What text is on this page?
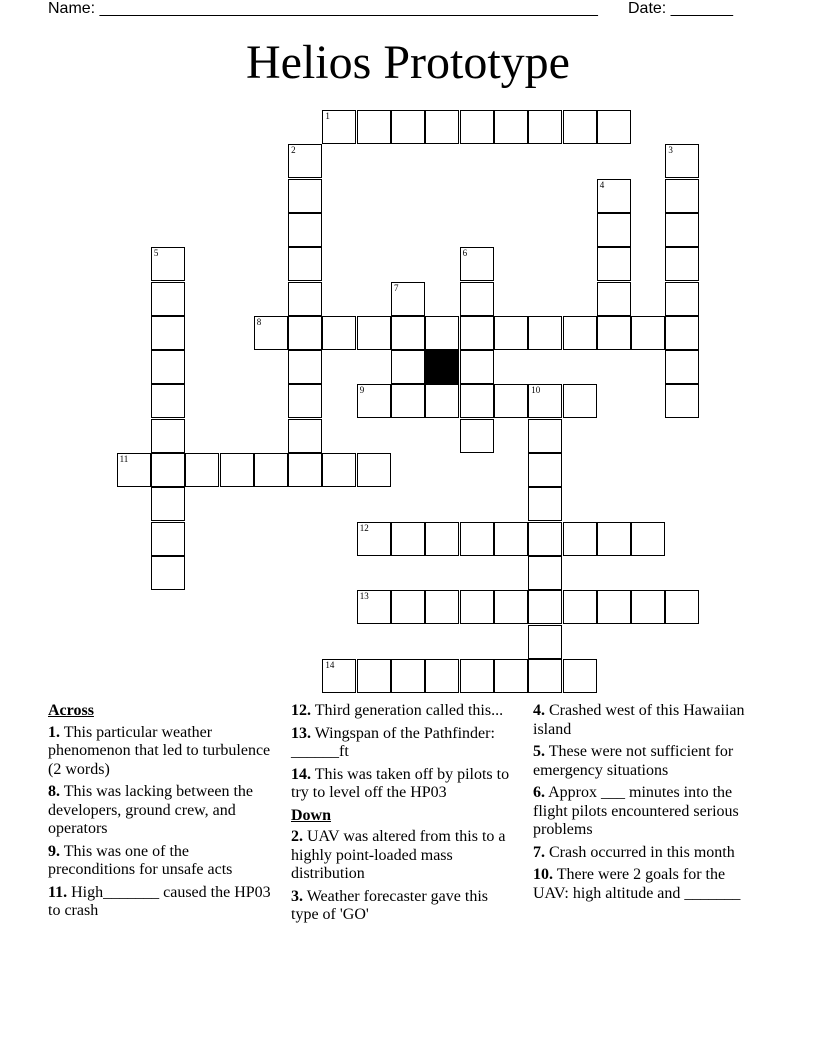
Name: ________________________________________________________ Date: _______
Helios Prototype
1
2	3
4
5	6
7
8
9	10
11
12
13
14
Across
1. This particular weather phenomenon that led to turbulence (2 words)
8. This was lacking between the developers, ground crew, and operators
9. This was one of the preconditions for unsafe acts
11. High_______ caused the HP03 to crash
12. Third generation called this...
13. Wingspan of the Pathfinder: ______ft
14. This was taken off by pilots to try to level off the HP03
Down
2. UAV was altered from this to a highly point-loaded mass distribution
3. Weather forecaster gave this type of 'GO'
4. Crashed west of this Hawaiian island
5. These were not sufficient for emergency situations
6. Approx ___ minutes into the flight pilots encountered serious problems
7. Crash occurred in this month
10. There were 2 goals for the UAV: high altitude and _______
